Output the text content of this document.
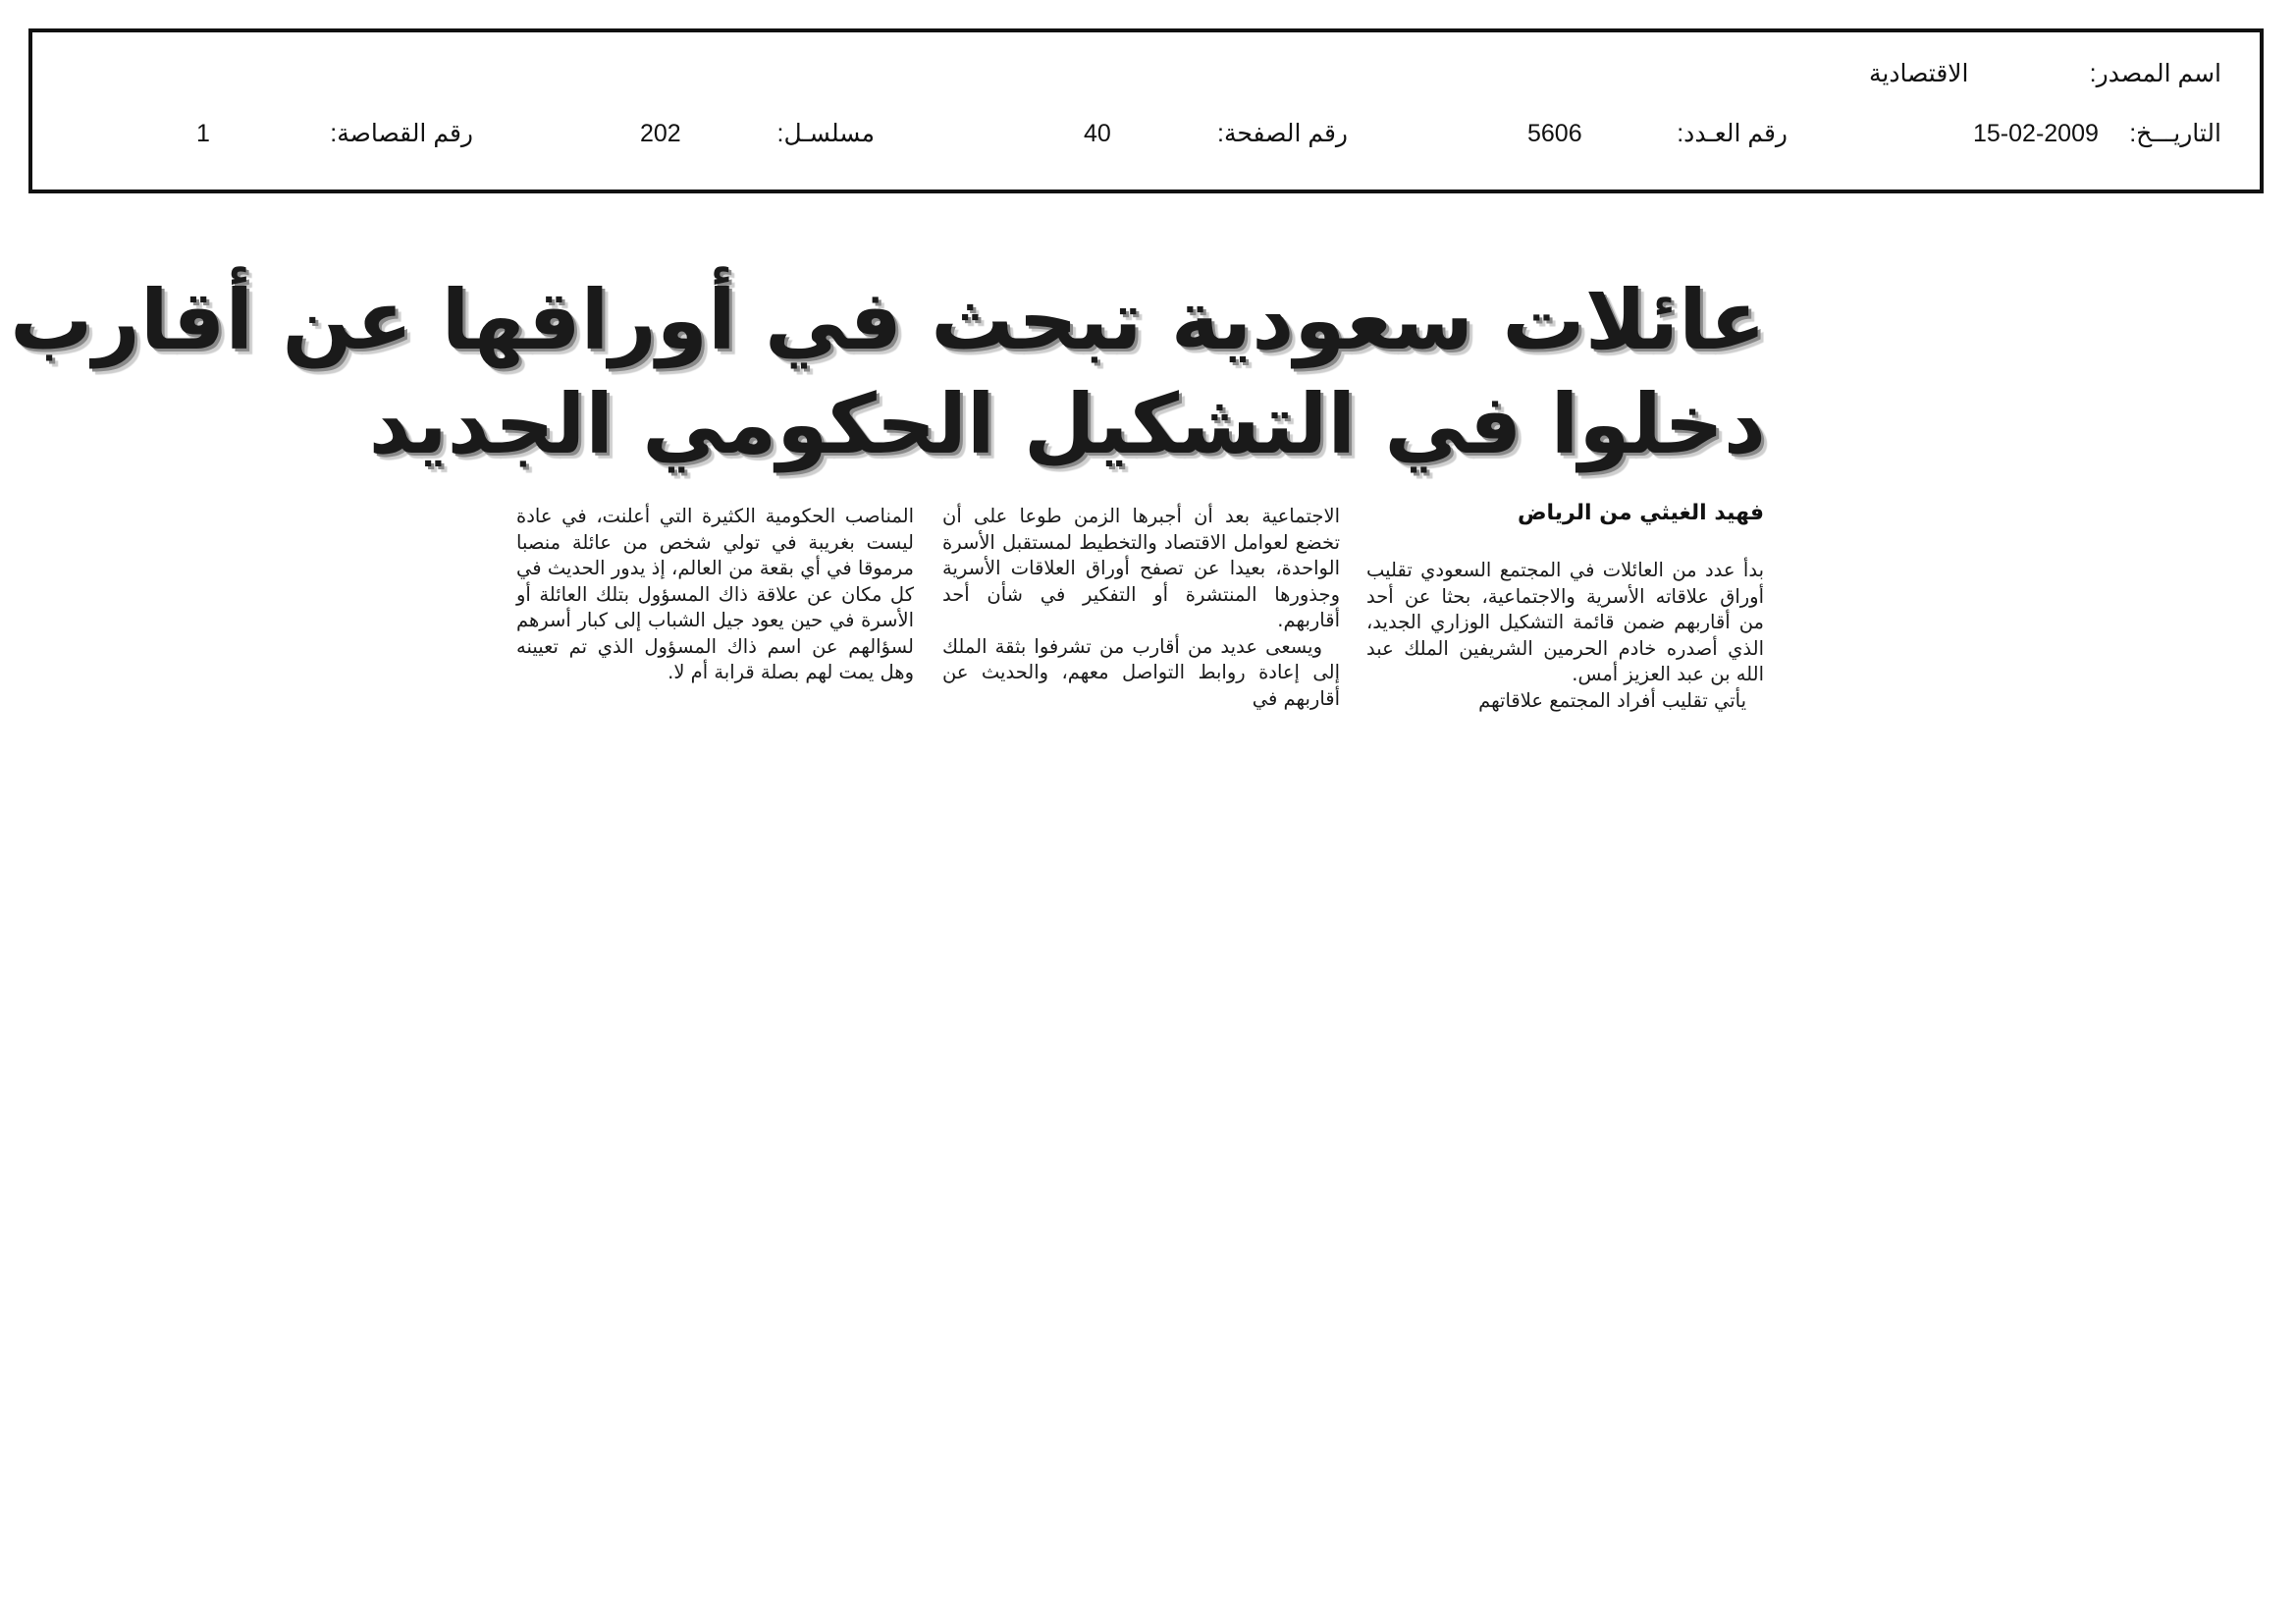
اسم المصدر:
الاقتصادية
التاريـــخ:
15-02-2009
رقم العـدد:
5606
رقم الصفحة:
40
مسلسـل:
202
رقم القصاصة:
1
عائلات سعودية تبحث في أوراقها عن أقارب
دخلوا في التشكيل الحكومي الجديد
فهيد الغيثي من الرياض

بدأ عدد من العائلات في المجتمع السعودي تقليب أوراق علاقاته الأسرية والاجتماعية، بحثا عن أحد من أقاربهم ضمن قائمة التشكيل الوزاري الجديد، الذي أصدره خادم الحرمين الشريفين الملك عبد الله بن عبد العزيز أمس.

يأتي تقليب أفراد المجتمع علاقاتهم

الاجتماعية بعد أن أجبرها الزمن طوعا على أن تخضع لعوامل الاقتصاد والتخطيط لمستقبل الأسرة الواحدة، بعيدا عن تصفح أوراق العلاقات الأسرية وجذورها المنتشرة أو التفكير في شأن أحد أقاربهم.

ويسعى عديد من أقارب من تشرفوا بثقة الملك إلى إعادة روابط التواصل معهم، والحديث عن أقاربهم في

المناصب الحكومية الكثيرة التي أعلنت، في عادة ليست بغريبة في تولي شخص من عائلة منصبا مرموقا في أي بقعة من العالم، إذ يدور الحديث في كل مكان عن علاقة ذاك المسؤول بتلك العائلة أو الأسرة في حين يعود جيل الشباب إلى كبار أسرهم لسؤالهم عن اسم ذاك المسؤول الذي تم تعيينه وهل يمت لهم بصلة قرابة أم لا.
